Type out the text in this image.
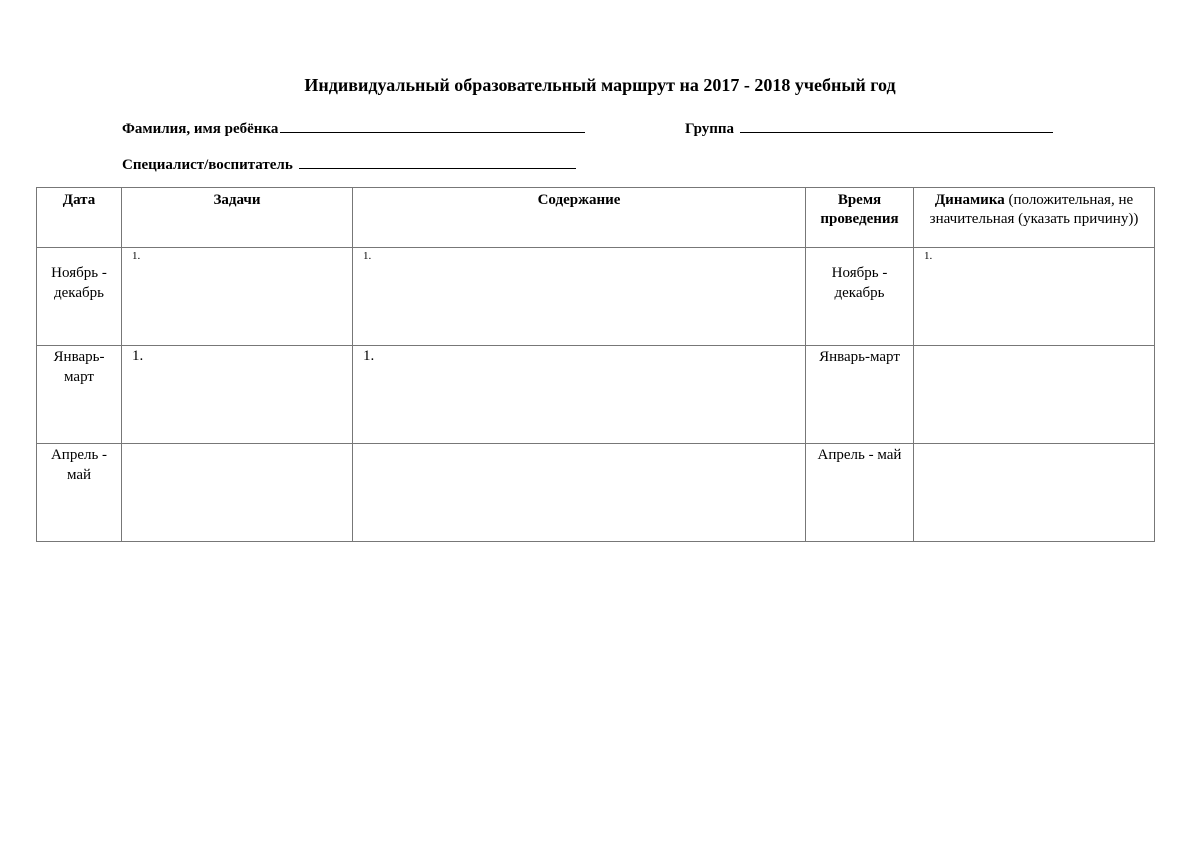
Индивидуальный образовательный маршрут на 2017 - 2018 учебный год
Фамилия, имя ребёнка	Группа
Специалист/воспитатель
Дата	Задачи	Содержание	Время проведения	Динамика (положительная, не значительная (указать причину))

Ноябрь - декабрь	1.	1.	Ноябрь - декабрь	1.

Январь-март	1.	1.	Январь-март	

Апрель - май			Апрель - май	
